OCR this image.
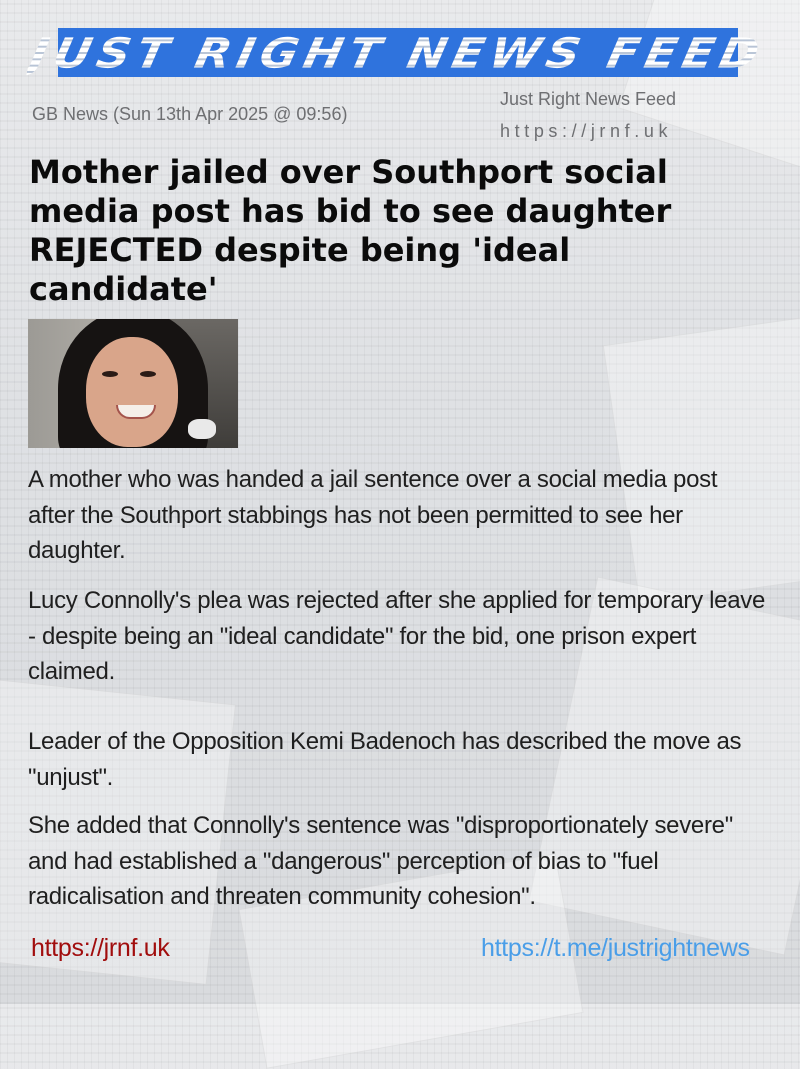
JUST RIGHT NEWS FEED
GB News (Sun 13th Apr 2025 @ 09:56)
Just Right News Feed
https://jrnf.uk
Mother jailed over Southport social media post has bid to see daughter REJECTED despite being 'ideal candidate'

A mother who was handed a jail sentence over a social media post after the Southport stabbings has not been permitted to see her daughter.

Lucy Connolly's plea was rejected after she applied for temporary leave - despite being an "ideal candidate" for the bid, one prison expert claimed.

Leader of the Opposition Kemi Badenoch has described the move as "unjust".

She added that Connolly's sentence was "disproportionately severe" and had established a "dangerous" perception of bias to "fuel radicalisation and threaten community cohesion".

https://jrnf.uk	https://t.me/justrightnews
